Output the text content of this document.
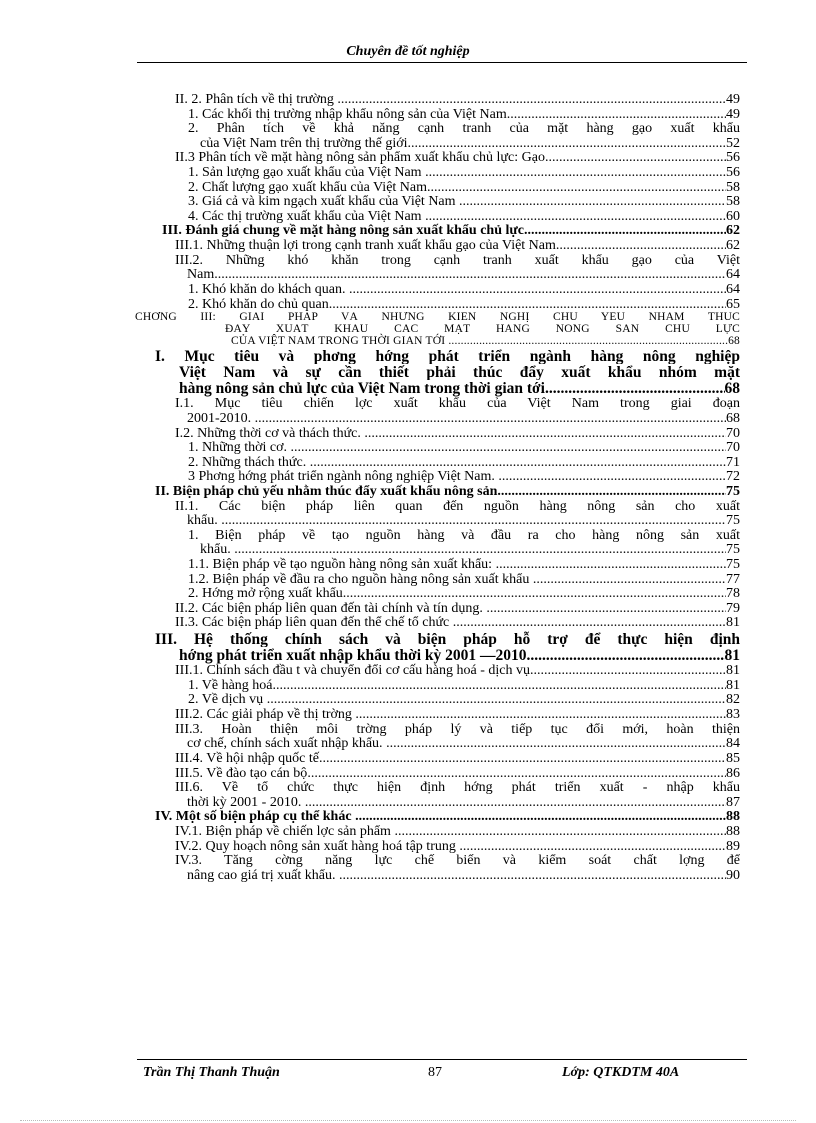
Chuyên đề tốt nghiệp
II. 2. Phân tích về thị trường .....	49
1. Các khối thị trường nhập khẩu nông sản của Việt Nam .....	49
2. Phân tích về khả năng cạnh tranh của mặt hàng gạo xuất khẩu
của Việt Nam trên thị trường thế giới .....	52
II.3 Phân tích về mặt hàng nông sản phẩm xuất khẩu chủ lực: Gạo .....	56
1. Sản lượng gạo xuất khẩu của Việt Nam .....	56
2. Chất lượng gạo xuất khẩu của Việt Nam .....	58
3. Giá cả và kim ngạch xuất khẩu của Việt Nam .....	58
4. Các thị trường xuất khẩu của Việt Nam .....	60
III. Đánh giá chung về mặt hàng nông sản xuất khẩu chủ lực .....	62
III.1. Những thuận lợi trong cạnh tranh xuất khẩu gạo của Việt Nam .....	62
III.2. Những khó khăn trong cạnh tranh xuất khẩu gạo của Việt
Nam .....	64
1. Khó khăn do khách quan. .....	64
2. Khó khăn do chủ quan. .....	65
CHƠNG III: GIẢI PHÁP VÀ NHỮNG KIẾN NGHỊ CHỦ YẾU NHẰM THÚC
ĐẨY XUẤT KHẨU CÁC MẶT HÀNG NÔNG SẢN CHỦ LỰC
CỦA VIỆT NAM TRONG THỜI GIAN TỚI .....	68
I. Mục tiêu và phơng hớng phát triển ngành hàng nông nghiệp
Việt Nam và sự cần thiết phải thúc đẩy xuất khẩu nhóm mặt
hàng nông sản chủ lực của Việt Nam trong thời gian tới .....	68
I.1. Mục tiêu chiến lợc xuất khẩu của Việt Nam trong giai đoạn
2001-2010. .....	68
I.2. Những thời cơ và thách thức. .....	70
1. Những thời cơ. .....	70
2. Những thách thức. .....	71
3 Phơng hớng phát triển ngành nông nghiệp Việt Nam. .....	72
II. Biện pháp chủ yếu nhằm thúc đẩy xuất khẩu nông sản .....	75
II.1. Các biện pháp liên quan đến nguồn hàng nông sản cho xuất
khẩu. .....	75
1. Biện pháp về tạo nguồn hàng và đầu ra cho hàng nông sản xuất
khẩu. .....	75
1.1. Biện pháp về tạo nguồn hàng nông sản xuất khẩu: .....	75
1.2. Biện pháp về đầu ra cho nguồn hàng nông sản xuất khẩu .....	77
2. Hớng mở rộng xuất khẩu. .....	78
II.2. Các biện pháp liên quan đến tài chính và tín dụng. .....	79
II.3. Các biện pháp liên quan đến thể chế tổ chức .....	81
III. Hệ thống chính sách và biện pháp hỗ trợ để thực hiện định
hớng phát triển xuất nhập khẩu thời kỳ 2001 —2010 .....	81
III.1. Chính sách đầu t và chuyển đổi cơ cấu hàng hoá - dịch vụ .....	81
1. Về hàng hoá .....	81
2. Về dịch vụ .....	82
III.2. Các giải pháp về thị trờng .....	83
III.3. Hoàn thiện môi trờng pháp lý và tiếp tục đổi mới, hoàn thiện
cơ chế, chính sách xuất nhập khẩu. .....	84
III.4. Về hội nhập quốc tế .....	85
III.5. Về đào tạo cán bộ .....	86
III.6. Về tổ chức thực hiện định hớng phát triển xuất - nhập khẩu
thời kỳ 2001 - 2010. .....	87
IV. Một số biện pháp cụ thể khác .....	88
IV.1. Biện pháp về chiến lợc sản phẩm .....	88
IV.2. Quy hoạch nông sản xuất hàng hoá tập trung .....	89
IV.3. Tăng cờng năng lực chế biến và kiểm soát chất lợng để
nâng cao giá trị xuất khẩu. .....	90
Trần Thị Thanh Thuận	87	Lớp: QTKDTM 40A
